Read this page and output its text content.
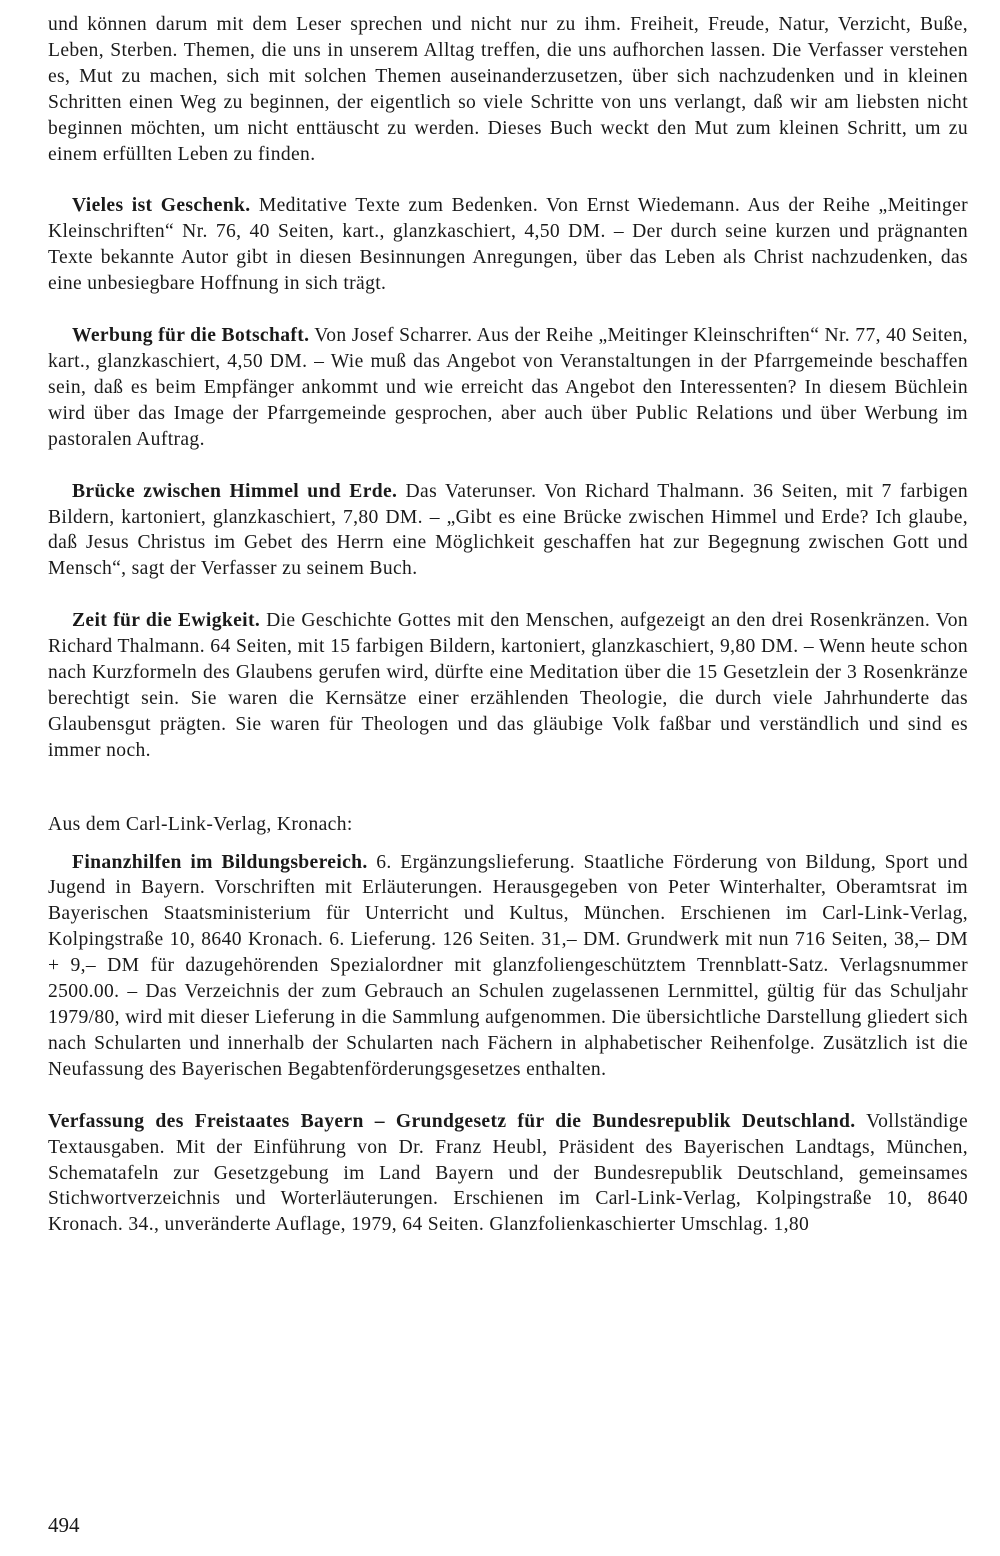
und können darum mit dem Leser sprechen und nicht nur zu ihm. Freiheit, Freude, Natur, Verzicht, Buße, Leben, Sterben. Themen, die uns in unserem Alltag treffen, die uns aufhorchen lassen. Die Verfasser verstehen es, Mut zu machen, sich mit solchen Themen auseinanderzusetzen, über sich nachzudenken und in kleinen Schritten einen Weg zu beginnen, der eigentlich so viele Schritte von uns verlangt, daß wir am liebsten nicht beginnen möchten, um nicht enttäuscht zu werden. Dieses Buch weckt den Mut zum kleinen Schritt, um zu einem erfüllten Leben zu finden.

Vieles ist Geschenk. Meditative Texte zum Bedenken. Von Ernst Wiedemann. Aus der Reihe „Meitinger Kleinschriften“ Nr. 76, 40 Seiten, kart., glanzkaschiert, 4,50 DM. – Der durch seine kurzen und prägnanten Texte bekannte Autor gibt in diesen Besinnungen Anregungen, über das Leben als Christ nachzudenken, das eine unbesiegbare Hoffnung in sich trägt.

Werbung für die Botschaft. Von Josef Scharrer. Aus der Reihe „Meitinger Kleinschriften“ Nr. 77, 40 Seiten, kart., glanzkaschiert, 4,50 DM. – Wie muß das Angebot von Veranstaltungen in der Pfarrgemeinde beschaffen sein, daß es beim Empfänger ankommt und wie erreicht das Angebot den Interessenten? In diesem Büchlein wird über das Image der Pfarrgemeinde gesprochen, aber auch über Public Relations und über Werbung im pastoralen Auftrag.

Brücke zwischen Himmel und Erde. Das Vaterunser. Von Richard Thalmann. 36 Seiten, mit 7 farbigen Bildern, kartoniert, glanzkaschiert, 7,80 DM. – „Gibt es eine Brücke zwischen Himmel und Erde? Ich glaube, daß Jesus Christus im Gebet des Herrn eine Möglichkeit geschaffen hat zur Begegnung zwischen Gott und Mensch“, sagt der Verfasser zu seinem Buch.

Zeit für die Ewigkeit. Die Geschichte Gottes mit den Menschen, aufgezeigt an den drei Rosenkränzen. Von Richard Thalmann. 64 Seiten, mit 15 farbigen Bildern, kartoniert, glanzkaschiert, 9,80 DM. – Wenn heute schon nach Kurzformeln des Glaubens gerufen wird, dürfte eine Meditation über die 15 Gesetzlein der 3 Rosenkränze berechtigt sein. Sie waren die Kernsätze einer erzählenden Theologie, die durch viele Jahrhunderte das Glaubensgut prägten. Sie waren für Theologen und das gläubige Volk faßbar und verständlich und sind es immer noch.

Aus dem Carl-Link-Verlag, Kronach:

Finanzhilfen im Bildungsbereich. 6. Ergänzungslieferung. Staatliche Förderung von Bildung, Sport und Jugend in Bayern. Vorschriften mit Erläuterungen. Herausgegeben von Peter Winterhalter, Oberamtsrat im Bayerischen Staatsministerium für Unterricht und Kultus, München. Erschienen im Carl-Link-Verlag, Kolpingstraße 10, 8640 Kronach. 6. Lieferung. 126 Seiten. 31,– DM. Grundwerk mit nun 716 Seiten, 38,– DM + 9,– DM für dazugehörenden Spezialordner mit glanzfoliengeschütztem Trennblatt-Satz. Verlagsnummer 2500.00. – Das Verzeichnis der zum Gebrauch an Schulen zugelassenen Lernmittel, gültig für das Schuljahr 1979/80, wird mit dieser Lieferung in die Sammlung aufgenommen. Die übersichtliche Darstellung gliedert sich nach Schularten und innerhalb der Schularten nach Fächern in alphabetischer Reihenfolge. Zusätzlich ist die Neufassung des Bayerischen Begabtenförderungsgesetzes enthalten.

Verfassung des Freistaates Bayern – Grundgesetz für die Bundesrepublik Deutschland. Vollständige Textausgaben. Mit der Einführung von Dr. Franz Heubl, Präsident des Bayerischen Landtags, München, Schematafeln zur Gesetzgebung im Land Bayern und der Bundesrepublik Deutschland, gemeinsames Stichwortverzeichnis und Worterläuterungen. Erschienen im Carl-Link-Verlag, Kolpingstraße 10, 8640 Kronach. 34., unveränderte Auflage, 1979, 64 Seiten. Glanzfolienkaschierter Umschlag. 1,80

494
